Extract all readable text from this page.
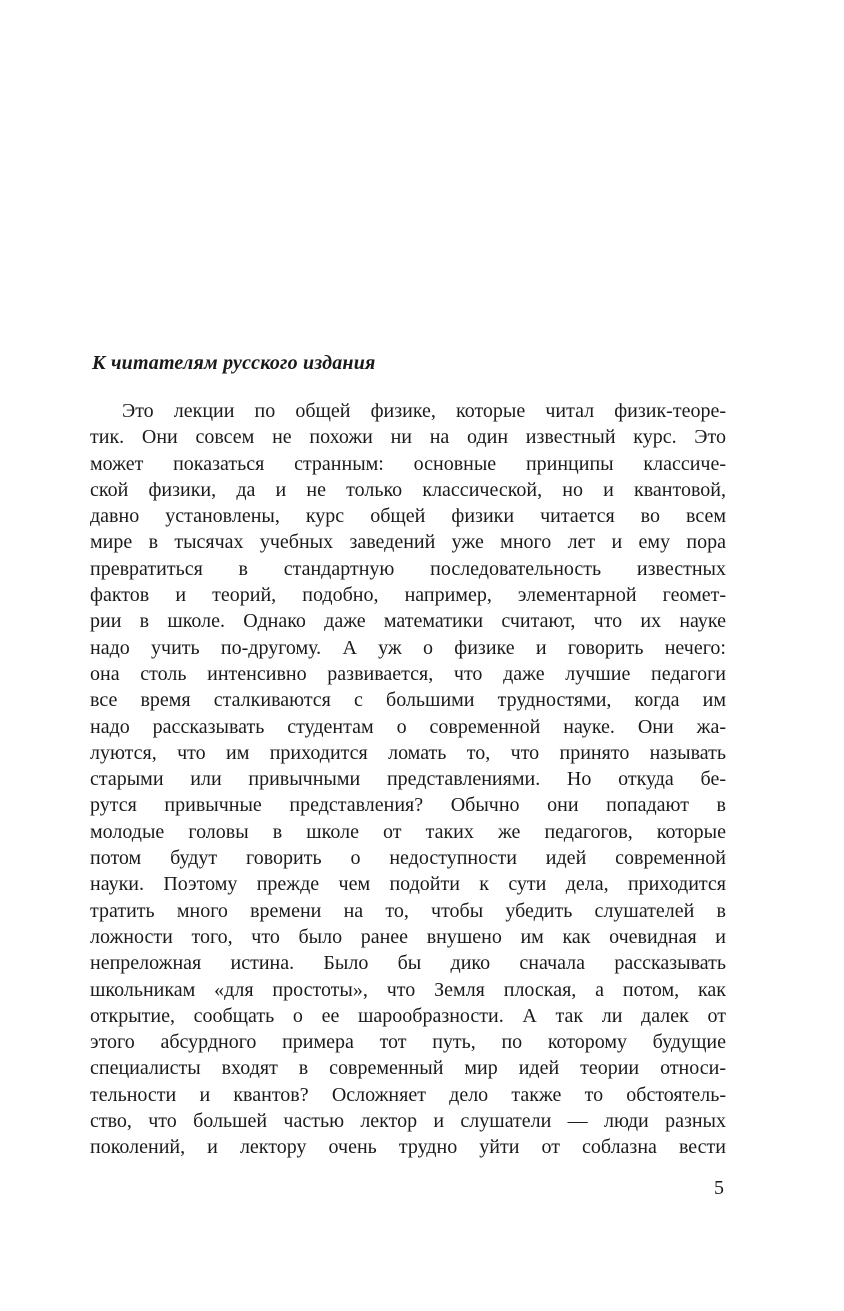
К читателям русского издания
Это лекции по общей физике, которые читал физик-теоре-
тик. Они совсем не похожи ни на один известный курс. Это
может показаться странным: основные принципы классиче-
ской физики, да и не только классической, но и квантовой,
давно установлены, курс общей физики читается во всем
мире в тысячах учебных заведений уже много лет и ему пора
превратиться в стандартную последовательность известных
фактов и теорий, подобно, например, элементарной геомет-
рии в школе. Однако даже математики считают, что их науке
надо учить по-другому. А уж о физике и говорить нечего:
она столь интенсивно развивается, что даже лучшие педагоги
все время сталкиваются с большими трудностями, когда им
надо рассказывать студентам о современной науке. Они жа-
луются, что им приходится ломать то, что принято называть
старыми или привычными представлениями. Но откуда бе-
рутся привычные представления? Обычно они попадают в
молодые головы в школе от таких же педагогов, которые
потом будут говорить о недоступности идей современной
науки. Поэтому прежде чем подойти к сути дела, приходится
тратить много времени на то, чтобы убедить слушателей в
ложности того, что было ранее внушено им как очевидная и
непреложная истина. Было бы дико сначала рассказывать
школьникам «для простоты», что Земля плоская, а потом, как
открытие, сообщать о ее шарообразности. А так ли далек от
этого абсурдного примера тот путь, по которому будущие
специалисты входят в современный мир идей теории относи-
тельности и квантов? Осложняет дело также то обстоятель-
ство, что большей частью лектор и слушатели — люди разных
поколений, и лектору очень трудно уйти от соблазна вести
5
